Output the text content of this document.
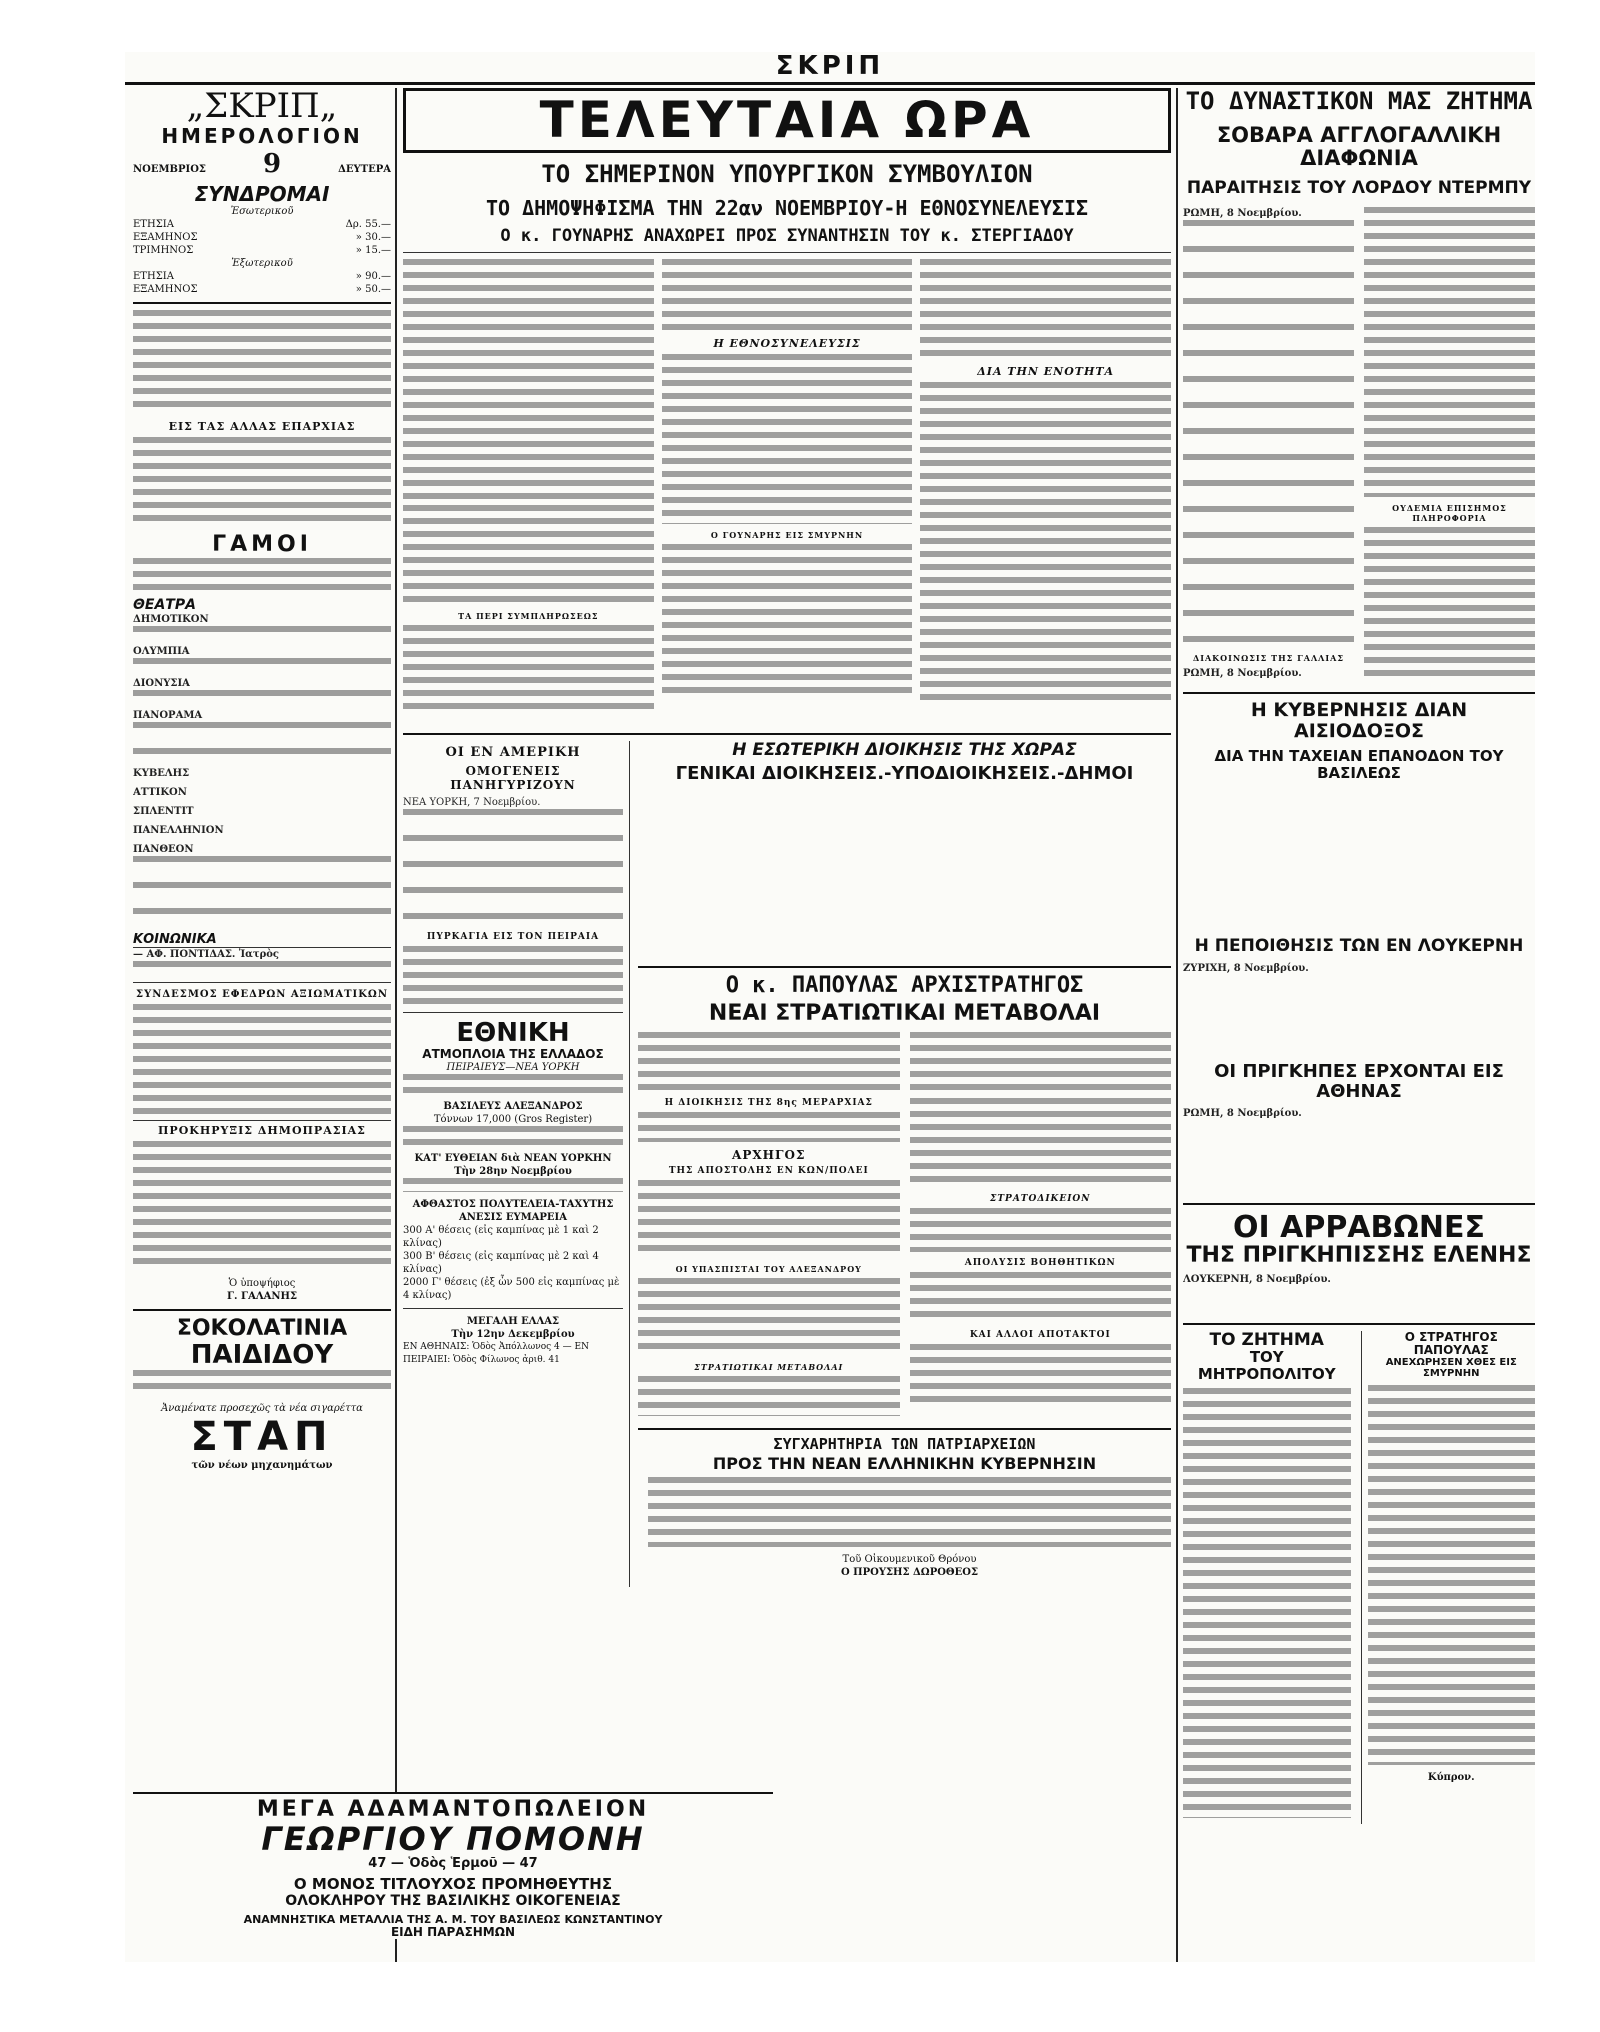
ΣΚΡΙΠ
„ΣΚΡΙΠ„
ΗΜΕΡΟΛΟΓΙΟΝ
ΝΟΕΜΒΡΙΟΣ 9	ΔΕΥΤΕΡΑ
ΣΥΝΔΡΟΜΑΙ
Ἐσωτερικοῦ
ΕΤΗΣΙΑ	Δρ. 55.—
ΕΞΑΜΗΝΟΣ	» 30.—
ΤΡΙΜΗΝΟΣ	» 15.—
Ἐξωτερικοῦ
ΕΤΗΣΙΑ	» 90.—
ΕΞΑΜΗΝΟΣ	» 50.—

ΕΙΣ ΤΑΣ ΑΛΛΑΣ ΕΠΑΡΧΙΑΣ

ΓΑΜΟΙ

ΘΕΑΤΡΑ

ΔΗΜΟΤΙΚΟΝ

ΟΛΥΜΠΙΑ

ΔΙΟΝΥΣΙΑ

ΠΑΝΟΡΑΜΑ

ΚΥΒΕΛΗΣ

ΑΤΤΙΚΟΝ

ΣΠΛΕΝΤΙΤ

ΠΑΝΕΛΛΗΝΙΟΝ

ΠΑΝΘΕΟΝ

ΚΟΙΝΩΝΙΚΑ

— ΑΦ. ΠΟΝΤΙΔΑΣ. Ἰατρὸς

ΣΥΝΔΕΣΜΟΣ ΕΦΕΔΡΩΝ ΑΞΙΩΜΑΤΙΚΩΝ

ΠΡΟΚΗΡΥΞΙΣ ΔΗΜΟΠΡΑΣΙΑΣ

Ὁ ὑποψήφιος
Γ. ΓΑΛΑΝΗΣ
ΣΟΚΟΛΑΤΙΝΙΑ
ΠΑΙΔΙΔΟΥ

Ἀναμένατε προσεχῶς τὰ νέα σιγαρέττα
ΣΤΑΠ
τῶν νέων μηχανημάτων
ΤΕΛΕΥΤΑΙΑ ΩΡΑ
ΤΟ ΣΗΜΕΡΙΝΟΝ ΥΠΟΥΡΓΙΚΟΝ ΣΥΜΒΟΥΛΙΟΝ
ΤΟ ΔΗΜΟΨΗΦΙΣΜΑ ΤΗΝ 22αν ΝΟΕΜΒΡΙΟΥ-Η ΕΘΝΟΣΥΝΕΛΕΥΣΙΣ
Ο κ. ΓΟΥΝΑΡΗΣ ΑΝΑΧΩΡΕΙ ΠΡΟΣ ΣΥΝΑΝΤΗΣΙΝ ΤΟΥ κ. ΣΤΕΡΓΙΑΔΟΥ

ΤΑ ΠΕΡΙ ΣΥΜΠΛΗΡΩΣΕΩΣ

Η ΕΘΝΟΣΥΝΕΛΕΥΣΙΣ

Ο ΓΟΥΝΑΡΗΣ ΕΙΣ ΣΜΥΡΝΗΝ

ΔΙΑ ΤΗΝ ΕΝΟΤΗΤΑ

ΟΙ ΕΝ ΑΜΕΡΙΚΗ
ΟΜΟΓΕΝΕΙΣ ΠΑΝΗΓΥΡΙΖΟΥΝ

ΝΕΑ ΥΟΡΚΗ, 7 Νοεμβρίου.

ΠΥΡΚΑΓΙΑ ΕΙΣ ΤΟΝ ΠΕΙΡΑΙΑ

ΕΘΝΙΚΗ
ΑΤΜΟΠΛΟΙΑ ΤΗΣ ΕΛΛΑΔΟΣ
ΠΕΙΡΑΙΕΥΣ—ΝΕΑ ΥΟΡΚΗ

ΒΑΣΙΛΕΥΣ ΑΛΕΞΑΝΔΡΟΣ
Τόννων 17,000 (Gros Register)

ΚΑΤ' ΕΥΘΕΙΑΝ διὰ ΝΕΑΝ ΥΟΡΚΗΝ
Τὴν 28ην Νοεμβρίου

ΑΦΘΑΣΤΟΣ ΠΟΛΥΤΕΛΕΙΑ-ΤΑΧΥΤΗΣ ΑΝΕΣΙΣ ΕΥΜΑΡΕΙΑ
300 Α' θέσεις (εἰς καμπίνας μὲ 1 καὶ 2 κλίνας)
300 Β' θέσεις (εἰς καμπίνας μὲ 2 καὶ 4 κλίνας)
2000 Γ' θέσεις (ἐξ ὧν 500 εἰς καμπίνας μὲ 4 κλίνας)
ΜΕΓΑΛΗ ΕΛΛΑΣ
Τὴν 12ην Δεκεμβρίου
ΕΝ ΑΘΗΝΑΙΣ: Ὁδὸς Ἀπόλλωνος 4 — ΕΝ ΠΕΙΡΑΙΕΙ: Ὁδὸς Φίλωνος ἀριθ. 41
Η ΕΣΩΤΕΡΙΚΗ ΔΙΟΙΚΗΣΙΣ ΤΗΣ ΧΩΡΑΣ
ΓΕΝΙΚΑΙ ΔΙΟΙΚΗΣΕΙΣ.-ΥΠΟΔΙΟΙΚΗΣΕΙΣ.-ΔΗΜΟΙ

Ο κ. ΠΑΠΟΥΛΑΣ ΑΡΧΙΣΤΡΑΤΗΓΟΣ
ΝΕΑΙ ΣΤΡΑΤΙΩΤΙΚΑΙ ΜΕΤΑΒΟΛΑΙ

Η ΔΙΟΙΚΗΣΙΣ ΤΗΣ 8ης ΜΕΡΑΡΧΙΑΣ

ΑΡΧΗΓΟΣ
ΤΗΣ ΑΠΟΣΤΟΛΗΣ ΕΝ ΚΩΝ/ΠΟΛΕΙ

ΟΙ ΥΠΑΣΠΙΣΤΑΙ ΤΟΥ ΑΛΕΞΑΝΔΡΟΥ

ΣΤΡΑΤΙΩΤΙΚΑΙ ΜΕΤΑΒΟΛΑΙ

ΣΤΡΑΤΟΔΙΚΕΙΟΝ

ΑΠΟΛΥΣΙΣ ΒΟΗΘΗΤΙΚΩΝ

ΚΑΙ ΑΛΛΟΙ ΑΠΟΤΑΚΤΟΙ

ΣΥΓΧΑΡΗΤΗΡΙΑ ΤΩΝ ΠΑΤΡΙΑΡΧΕΙΩΝ
ΠΡΟΣ ΤΗΝ ΝΕΑΝ ΕΛΛΗΝΙΚΗΝ ΚΥΒΕΡΝΗΣΙΝ

Τοῦ Οἰκουμενικοῦ Θρόνου
Ο ΠΡΟΥΣΗΣ ΔΩΡΟΘΕΟΣ
ΤΟ ΔΥΝΑΣΤΙΚΟΝ ΜΑΣ ΖΗΤΗΜΑ
ΣΟΒΑΡΑ ΑΓΓΛΟΓΑΛΛΙΚΗ ΔΙΑΦΩΝΙΑ
ΠΑΡΑΙΤΗΣΙΣ ΤΟΥ ΛΟΡΔΟΥ ΝΤΕΡΜΠΥ

ΡΩΜΗ, 8 Νοεμβρίου.

ΔΙΑΚΟΙΝΩΣΙΣ ΤΗΣ ΓΑΛΛΙΑΣ

ΡΩΜΗ, 8 Νοεμβρίου.

ΟΥΔΕΜΙΑ ΕΠΙΣΗΜΟΣ ΠΛΗΡΟΦΟΡΙΑ

Η ΚΥΒΕΡΝΗΣΙΣ ΔΙΑΝ ΑΙΣΙΟΔΟΞΟΣ
ΔΙΑ ΤΗΝ ΤΑΧΕΙΑΝ ΕΠΑΝΟΔΟΝ ΤΟΥ ΒΑΣΙΛΕΩΣ

Η ΠΕΠΟΙΘΗΣΙΣ ΤΩΝ ΕΝ ΛΟΥΚΕΡΝΗ

ΖΥΡΙΧΗ, 8 Νοεμβρίου.

ΟΙ ΠΡΙΓΚΗΠΕΣ ΕΡΧΟΝΤΑΙ ΕΙΣ ΑΘΗΝΑΣ

ΡΩΜΗ, 8 Νοεμβρίου.

ΟΙ ΑΡΡΑΒΩΝΕΣ
ΤΗΣ ΠΡΙΓΚΗΠΙΣΣΗΣ ΕΛΕΝΗΣ

ΛΟΥΚΕΡΝΗ, 8 Νοεμβρίου.

ΤΟ ΖΗΤΗΜΑ
ΤΟΥ ΜΗΤΡΟΠΟΛΙΤΟΥ

Ο ΣΤΡΑΤΗΓΟΣ ΠΑΠΟΥΛΑΣ
ΑΝΕΧΩΡΗΣΕΝ ΧΘΕΣ ΕΙΣ ΣΜΥΡΝΗΝ

Κύπρον.
ΜΕΓΑ ΑΔΑΜΑΝΤΟΠΩΛΕΙΟΝ
ΓΕΩΡΓΙΟΥ ΠΟΜΟΝΗ
47 — Ὁδὸς Ἑρμοῦ — 47
Ο ΜΟΝΟΣ ΤΙΤΛΟΥΧΟΣ ΠΡΟΜΗΘΕΥΤΗΣ
ΟΛΟΚΛΗΡΟΥ ΤΗΣ ΒΑΣΙΛΙΚΗΣ ΟΙΚΟΓΕΝΕΙΑΣ
ΑΝΑΜΝΗΣΤΙΚΑ ΜΕΤΑΛΛΙΑ ΤΗΣ Α. Μ. ΤΟΥ ΒΑΣΙΛΕΩΣ ΚΩΝΣΤΑΝΤΙΝΟΥ
ΕΙΔΗ ΠΑΡΑΣΗΜΩΝ
